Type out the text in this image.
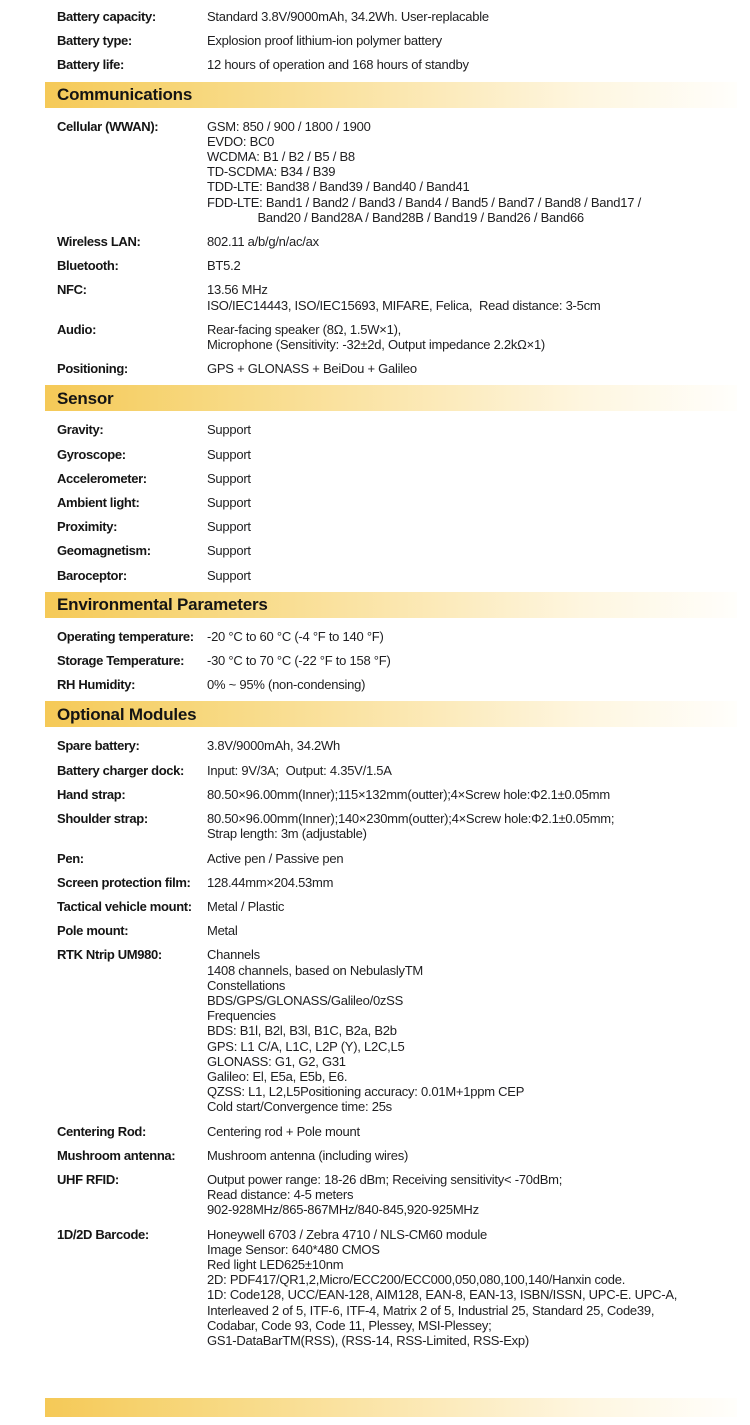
Battery capacity:	Standard 3.8V/9000mAh, 34.2Wh. User-replacable
Battery type:	Explosion proof lithium-ion polymer battery
Battery life:	12 hours of operation and 168 hours of standby
Communications
Cellular (WWAN):	GSM: 850 / 900 / 1800 / 1900
EVDO: BC0
WCDMA: B1 / B2 / B5 / B8
TD-SCDMA: B34 / B39
TDD-LTE: Band38 / Band39 / Band40 / Band41
FDD-LTE: Band1 / Band2 / Band3 / Band4 / Band5 / Band7 / Band8 / Band17 /
Band20 / Band28A / Band28B / Band19 / Band26 / Band66
Wireless LAN:	802.11 a/b/g/n/ac/ax
Bluetooth:	BT5.2
NFC:	13.56 MHz
ISO/IEC14443, ISO/IEC15693, MIFARE, Felica,  Read distance: 3-5cm
Audio:	Rear-facing speaker (8Ω, 1.5W×1),
Microphone (Sensitivity: -32±2d, Output impedance 2.2kΩ×1)
Positioning:	GPS + GLONASS + BeiDou + Galileo
Sensor
Gravity:	Support
Gyroscope:	Support
Accelerometer:	Support
Ambient light:	Support
Proximity:	Support
Geomagnetism:	Support
Baroceptor:	Support
Environmental Parameters
Operating temperature:	-20 °C to 60 °C (-4 °F to 140 °F)
Storage Temperature:	-30 °C to 70 °C (-22 °F to 158 °F)
RH Humidity:	0% ~ 95% (non-condensing)
Optional Modules
Spare battery:	3.8V/9000mAh, 34.2Wh
Battery charger dock:	Input: 9V/3A;  Output: 4.35V/1.5A
Hand strap:	80.50×96.00mm(Inner);115×132mm(outter);4×Screw hole:Φ2.1±0.05mm
Shoulder strap:	80.50×96.00mm(Inner);140×230mm(outter);4×Screw hole:Φ2.1±0.05mm;
Strap length: 3m (adjustable)
Pen:	Active pen / Passive pen
Screen protection film:	128.44mm×204.53mm
Tactical vehicle mount:	Metal / Plastic
Pole mount:	Metal
RTK Ntrip UM980:	Channels
1408 channels, based on NebulaslyTM
Constellations
BDS/GPS/GLONASS/Galileo/0zSS
Frequencies
BDS: B1l, B2l, B3l, B1C, B2a, B2b
GPS: L1 C/A, L1C, L2P (Y), L2C,L5
GLONASS: G1, G2, G31
Galileo: El, E5a, E5b, E6.
QZSS: L1, L2,L5Positioning accuracy: 0.01M+1ppm CEP
Cold start/Convergence time: 25s
Centering Rod:	Centering rod + Pole mount
Mushroom antenna:	Mushroom antenna (including wires)
UHF RFID:	Output power range: 18-26 dBm; Receiving sensitivity< -70dBm;
Read distance: 4-5 meters
902-928MHz/865-867MHz/840-845,920-925MHz
1D/2D Barcode:	Honeywell 6703 / Zebra 4710 / NLS-CM60 module
Image Sensor: 640*480 CMOS
Red light LED625±10nm
2D: PDF417/QR1,2,Micro/ECC200/ECC000,050,080,100,140/Hanxin code.
1D: Code128, UCC/EAN-128, AIM128, EAN-8, EAN-13, ISBN/ISSN, UPC-E. UPC-A,
Interleaved 2 of 5, ITF-6, ITF-4, Matrix 2 of 5, Industrial 25, Standard 25, Code39,
Codabar, Code 93, Code 11, Plessey, MSI-Plessey;
GS1-DataBarTM(RSS), (RSS-14, RSS-Limited, RSS-Exp)
